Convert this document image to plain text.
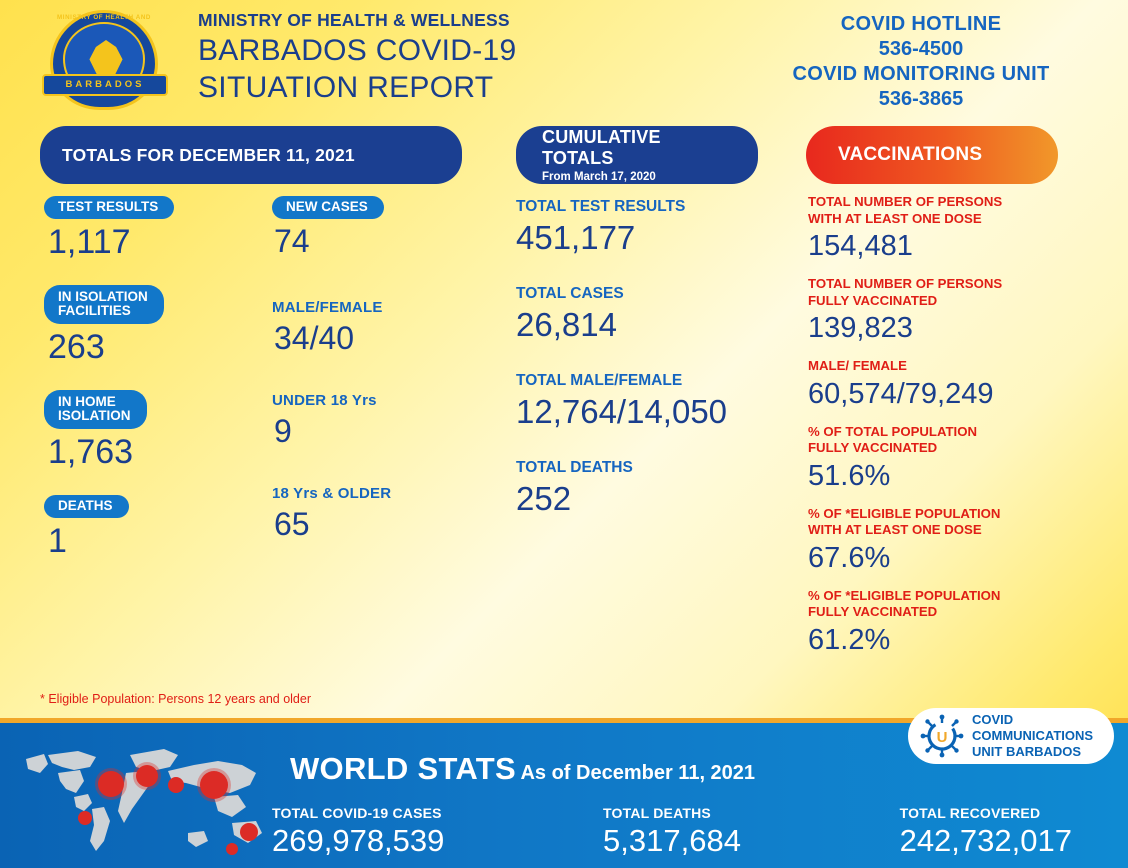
MINISTRY OF HEALTH AND
BARBADOS
MINISTRY OF HEALTH & WELLNESS
BARBADOS COVID-19
SITUATION REPORT
COVID HOTLINE
536-4500
COVID MONITORING UNIT
536-3865
TOTALS FOR DECEMBER 11, 2021
TEST RESULTS
1,117
IN ISOLATION
FACILITIES
263
IN HOME
ISOLATION
1,763
DEATHS
1
NEW CASES
74
MALE/FEMALE
34/40
UNDER 18 Yrs
9
18 Yrs & OLDER
65
CUMULATIVE TOTALS
From March 17, 2020
TOTAL TEST RESULTS
451,177
TOTAL CASES
26,814
TOTAL MALE/FEMALE
12,764/14,050
TOTAL DEATHS
252
VACCINATIONS
TOTAL NUMBER OF PERSONS
WITH AT LEAST ONE DOSE
154,481
TOTAL NUMBER OF PERSONS
FULLY VACCINATED
139,823
MALE/ FEMALE
60,574/79,249
% OF TOTAL POPULATION
FULLY VACCINATED
51.6%
% OF *ELIGIBLE POPULATION
WITH AT LEAST ONE DOSE
67.6%
% OF *ELIGIBLE POPULATION
FULLY VACCINATED
61.2%
* Eligible Population: Persons 12 years and older
WORLD STATS As of December 11, 2021
TOTAL COVID-19 CASES
269,978,539
TOTAL DEATHS
5,317,684
TOTAL RECOVERED
242,732,017
U
COVID COMMUNICATIONS
UNIT BARBADOS
